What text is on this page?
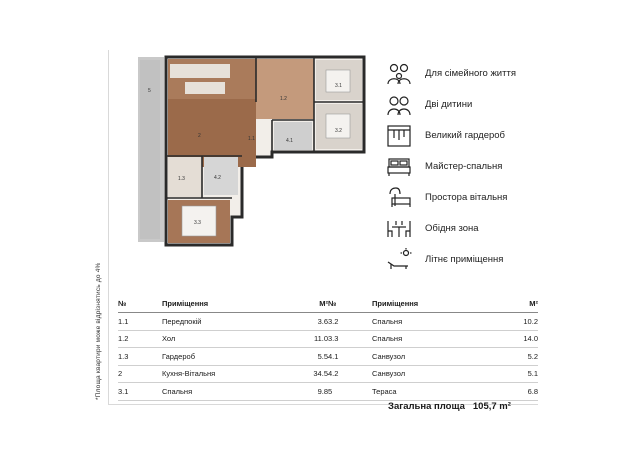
*Площа квартири може відрізнятись до 4%
5
2	1.1
1.2
1.3
3.1
3.2
3.3
4.1
4.2
Для сімейного життя
Дві дитини
Великий гардероб
Майстер-спальня
Простора вітальня
Обідня зона
Літнє приміщення
№	Приміщення	М²
1.1	Передпокій	3.6
1.2	Хол	11.0
1.3	Гардероб	5.5
2	Кухня-Вітальня	34.5
3.1	Спальня	9.8
№	Приміщення	М²
3.2	Спальня	10.2
3.3	Спальня	14.0
4.1	Санвузол	5.2
4.2	Санвузол	5.1
5	Тераса	6.8
Загальна площа 105,7 m²
